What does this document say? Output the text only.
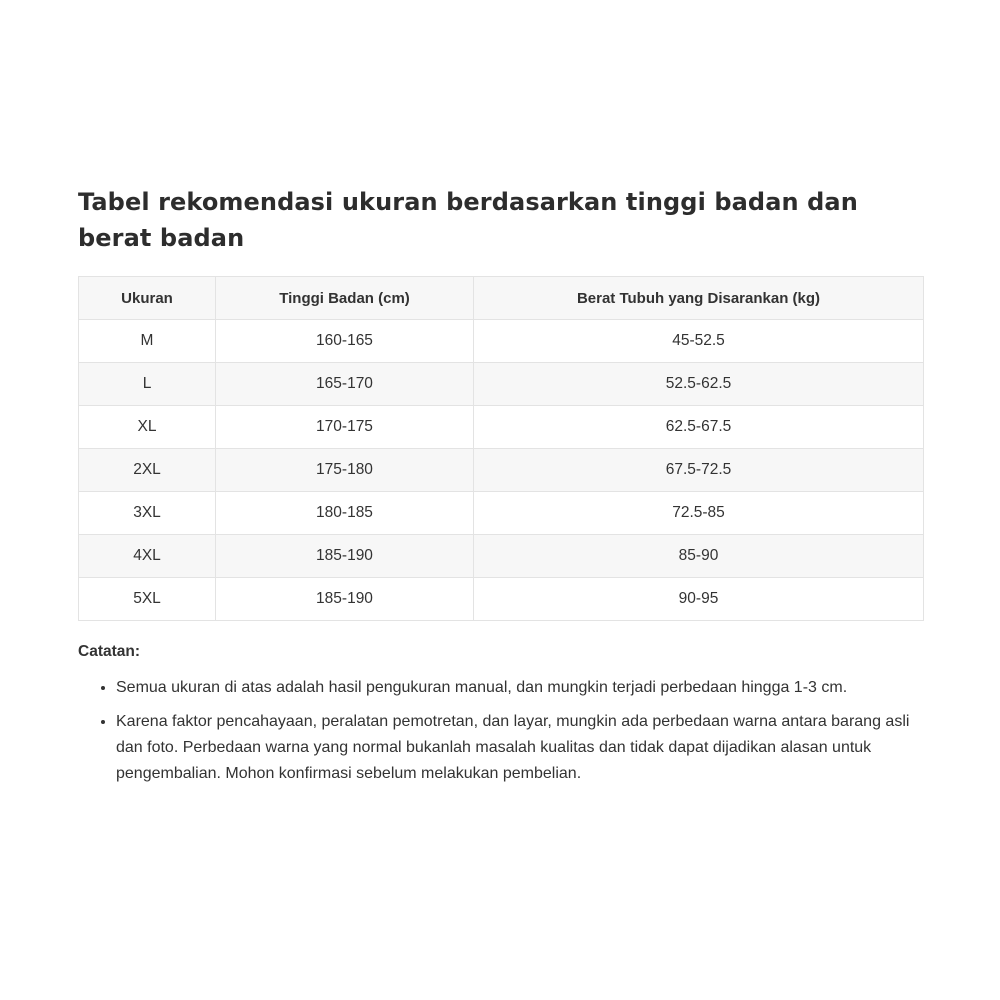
Tabel rekomendasi ukuran berdasarkan tinggi badan dan berat badan
Ukuran	Tinggi Badan (cm)	Berat Tubuh yang Disarankan (kg)
M	160-165	45-52.5
L	165-170	52.5-62.5
XL	170-175	62.5-67.5
2XL	175-180	67.5-72.5
3XL	180-185	72.5-85
4XL	185-190	85-90
5XL	185-190	90-95
Catatan:
• Semua ukuran di atas adalah hasil pengukuran manual, dan mungkin terjadi perbedaan hingga 1-3 cm.
• Karena faktor pencahayaan, peralatan pemotretan, dan layar, mungkin ada perbedaan warna antara barang asli dan foto. Perbedaan warna yang normal bukanlah masalah kualitas dan tidak dapat dijadikan alasan untuk pengembalian. Mohon konfirmasi sebelum melakukan pembelian.
